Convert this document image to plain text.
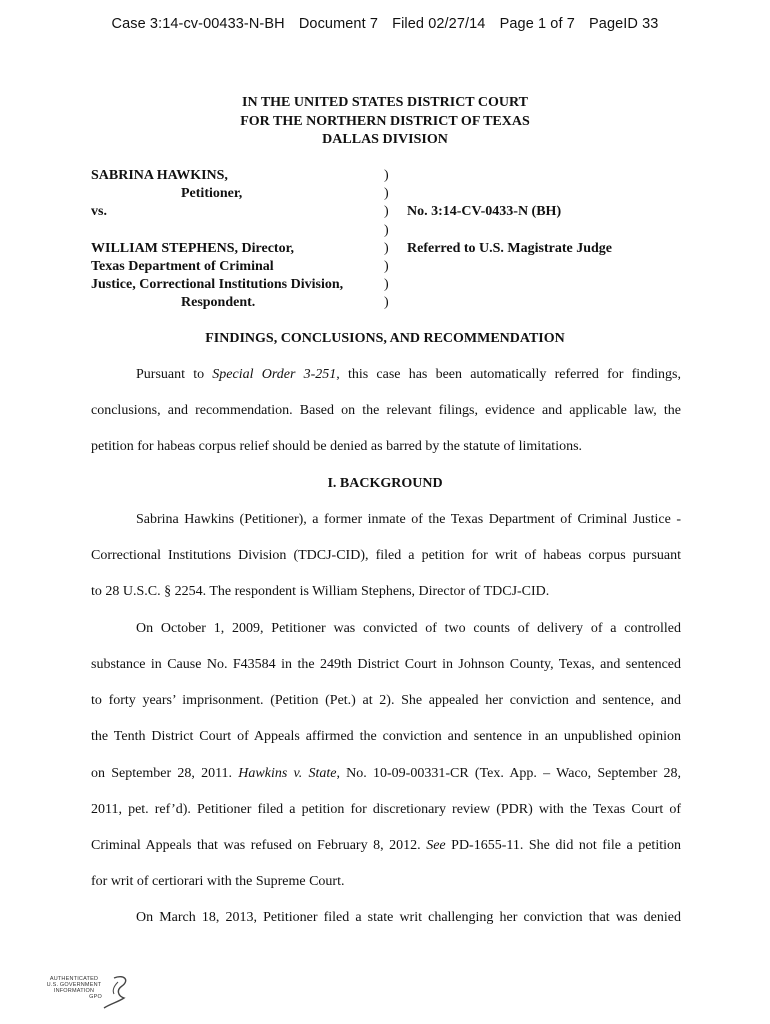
Case 3:14-cv-00433-N-BH Document 7 Filed 02/27/14 Page 1 of 7 PageID 33
IN THE UNITED STATES DISTRICT COURT
FOR THE NORTHERN DISTRICT OF TEXAS
DALLAS DIVISION
SABRINA HAWKINS,	)
Petitioner,	)
vs.	) No. 3:14-CV-0433-N (BH)
)
WILLIAM STEPHENS, Director,	) Referred to U.S. Magistrate Judge
Texas Department of Criminal	)
Justice, Correctional Institutions Division,	)
Respondent.	)
FINDINGS, CONCLUSIONS, AND RECOMMENDATION
Pursuant to Special Order 3-251, this case has been automatically referred for findings,
conclusions, and recommendation. Based on the relevant filings, evidence and applicable law, the
petition for habeas corpus relief should be denied as barred by the statute of limitations.
I. BACKGROUND
Sabrina Hawkins (Petitioner), a former inmate of the Texas Department of Criminal Justice -
Correctional Institutions Division (TDCJ-CID), filed a petition for writ of habeas corpus pursuant
to 28 U.S.C. § 2254. The respondent is William Stephens, Director of TDCJ-CID.
On October 1, 2009, Petitioner was convicted of two counts of delivery of a controlled
substance in Cause No. F43584 in the 249th District Court in Johnson County, Texas, and sentenced
to forty years’ imprisonment. (Petition (Pet.) at 2). She appealed her conviction and sentence, and
the Tenth District Court of Appeals affirmed the conviction and sentence in an unpublished opinion
on September 28, 2011. Hawkins v. State, No. 10-09-00331-CR (Tex. App. – Waco, September 28,
2011, pet. ref’d). Petitioner filed a petition for discretionary review (PDR) with the Texas Court of
Criminal Appeals that was refused on February 8, 2012. See PD-1655-11. She did not file a petition
for writ of certiorari with the Supreme Court.
On March 18, 2013, Petitioner filed a state writ challenging her conviction that was denied
AUTHENTICATED
U.S. GOVERNMENT
INFORMATION
GPO
